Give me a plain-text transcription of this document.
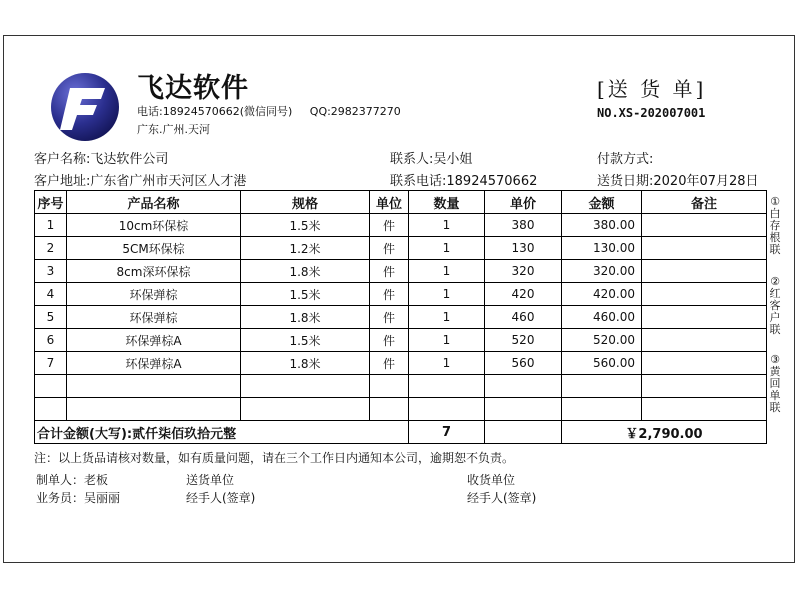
飞达软件
电话:18924570662(微信同号) QQ:2982377270
广东.广州.天河
[送 货 单]
NO.XS-202007001
客户名称:飞达软件公司	联系人:吴小姐	付款方式:
客户地址:广东省广州市天河区人才港	联系电话:18924570662	送货日期:2020年07月28日
序号	产品名称	规格	单位	数量	单价	金额	备注
1	10cm环保棕	1.5米	件	1	380	380.00	
2	5CM环保棕	1.2米	件	1	130	130.00	
3	8cm深环保棕	1.8米	件	1	320	320.00	
4	环保弹棕	1.5米	件	1	420	420.00	
5	环保弹棕	1.8米	件	1	460	460.00	
6	环保弹棕A	1.5米	件	1	520	520.00	
7	环保弹棕A	1.8米	件	1	560	560.00	

合计金额(大写):贰仟柒佰玖拾元整				7		￥2,790.00	
①白存根联
②红客户联
③黄回单联
注：以上货品请核对数量，如有质量问题，请在三个工作日内通知本公司，逾期恕不负责。
制单人：老板	送货单位	收货单位
业务员：吴丽丽	经手人(签章)	经手人(签章)
